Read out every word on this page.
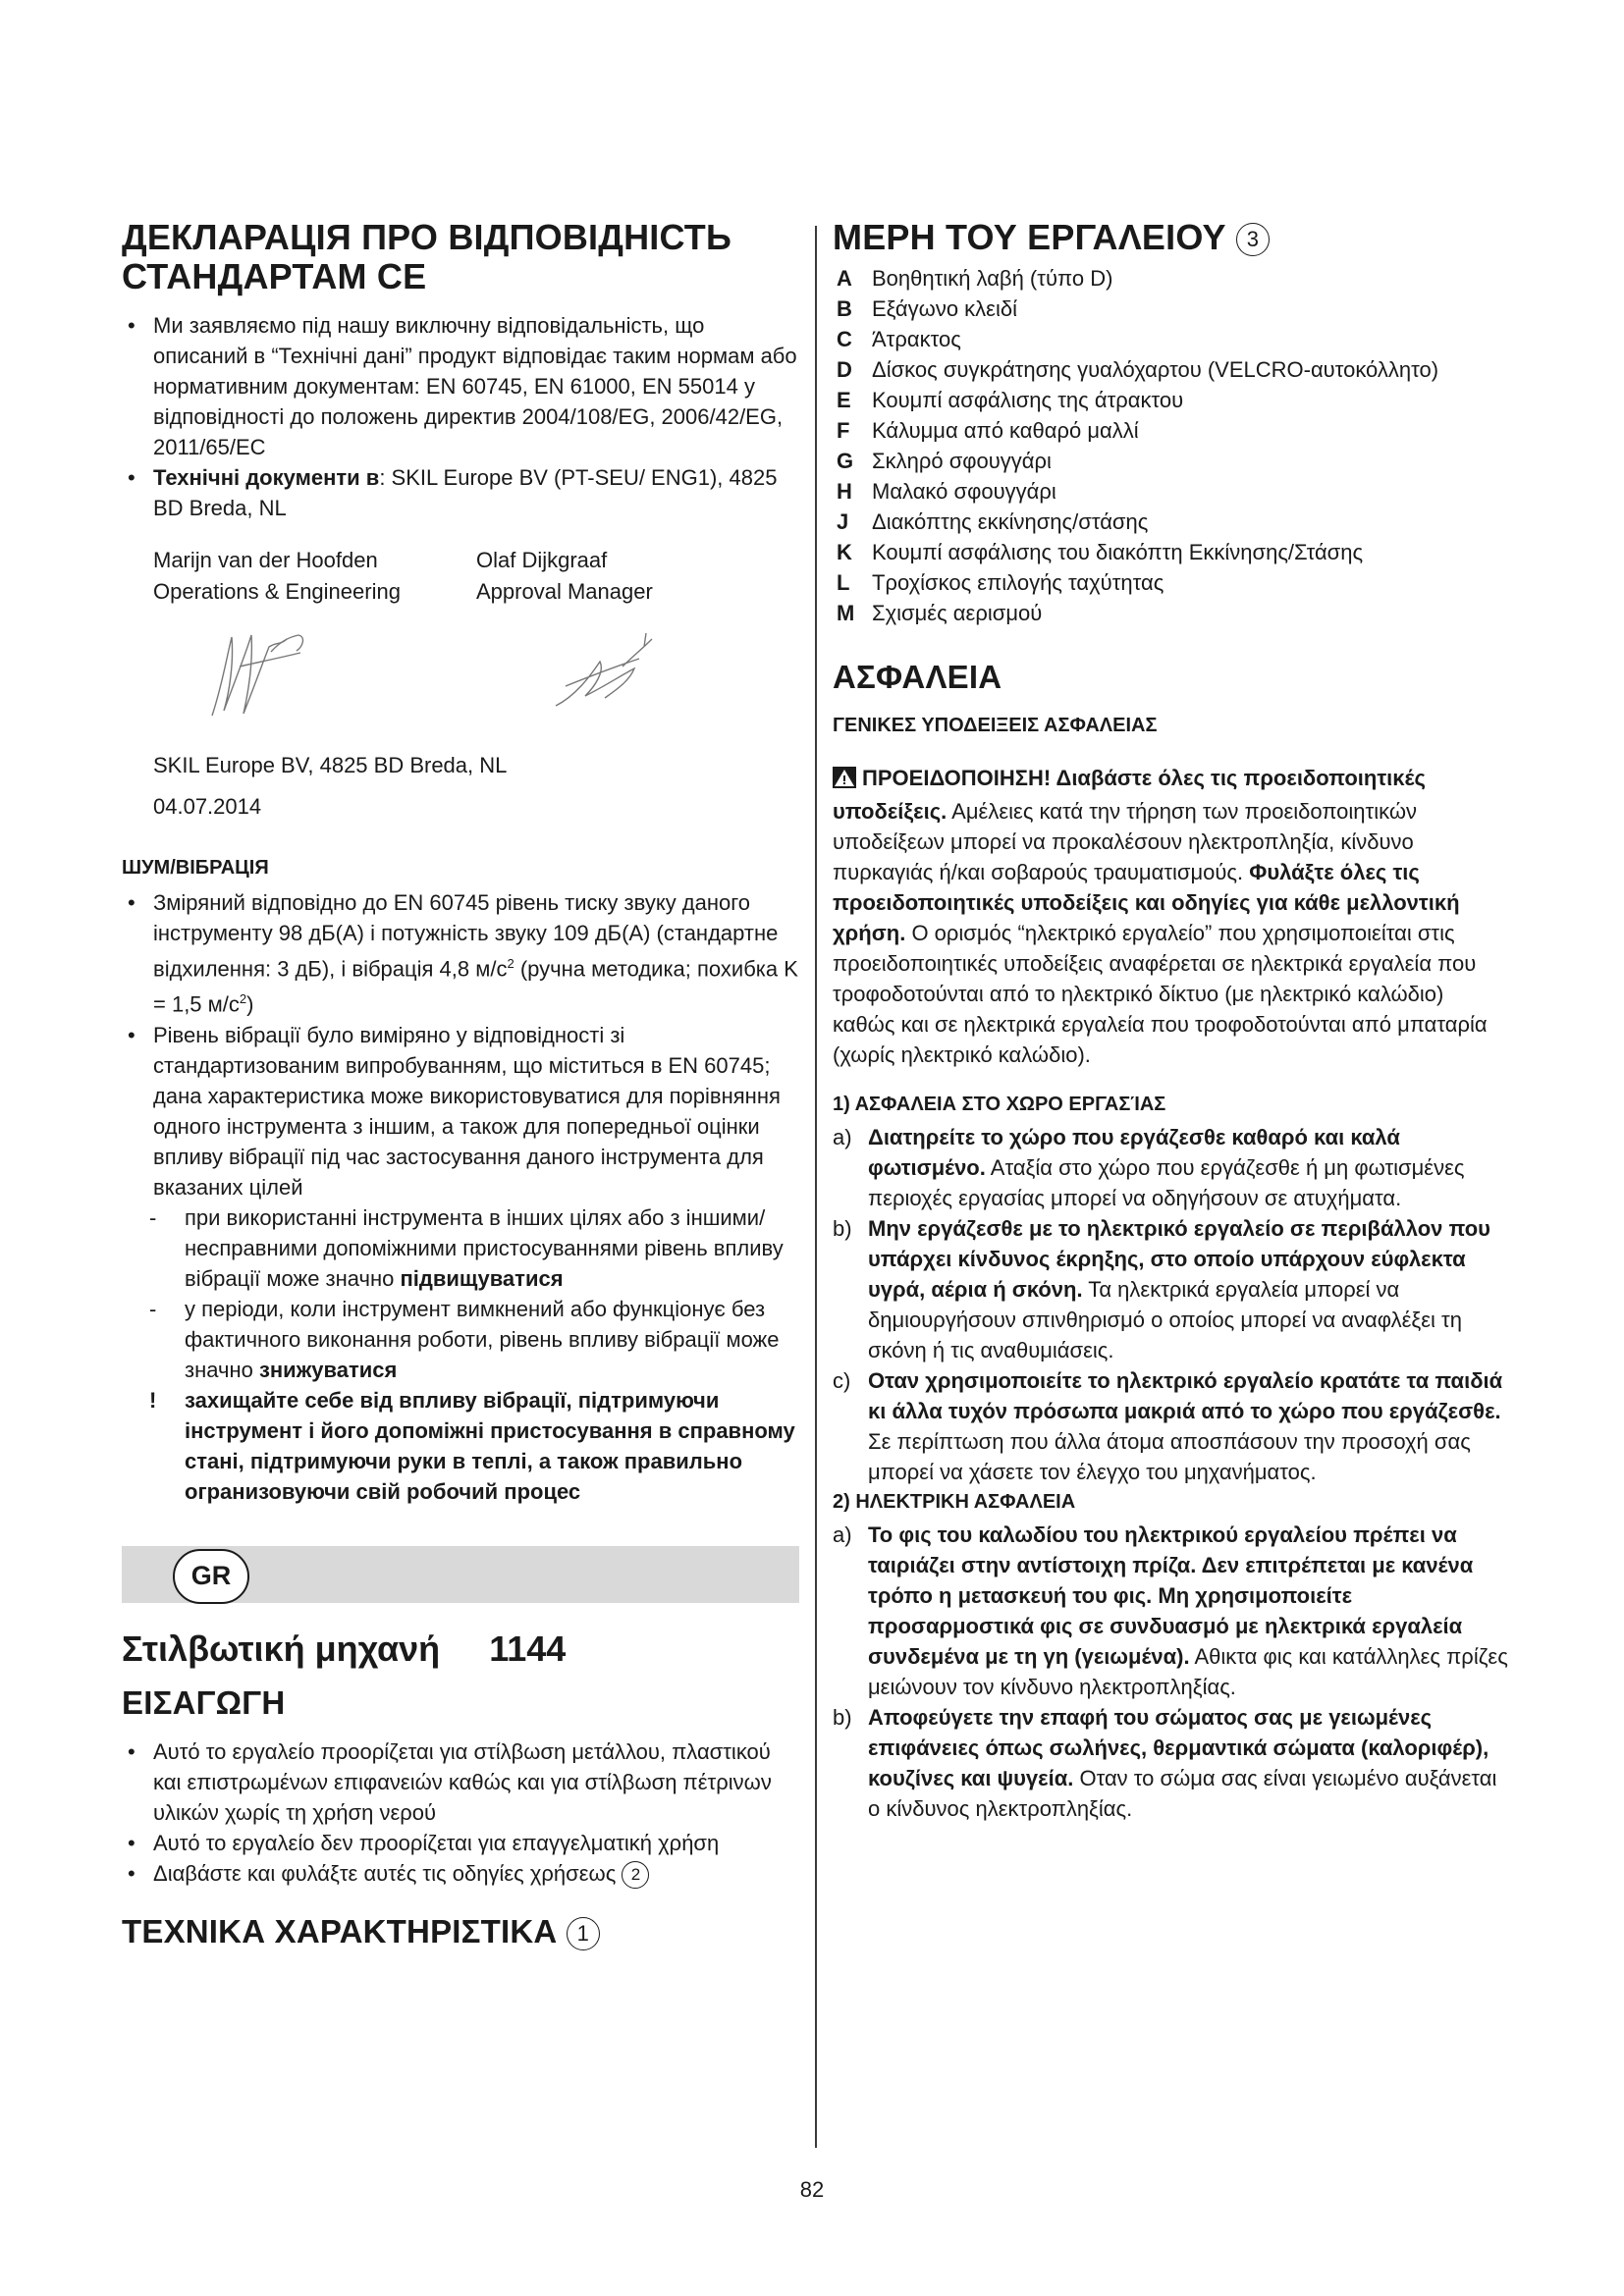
ДЕКЛАРАЦІЯ ПРО ВІДПОВІДНІСТЬ СТАНДАРТАМ CE
• Ми заявляємо під нашу виключну відповідальність, що описаний в “Технічні дані” продукт відповідає таким нормам або нормативним документам: EN 60745, EN 61000, EN 55014 у відповідності до положень директив 2004/108/EG, 2006/42/EG, 2011/65/EC
• Технічні документи в: SKIL Europe BV (PT-SEU/ ENG1), 4825 BD Breda, NL
Marijn van der Hoofden
Operations & Engineering
Olaf Dijkgraaf
Approval Manager
SKIL Europe BV, 4825 BD Breda, NL
04.07.2014
ШУМ/ВІБРАЦІЯ
• Зміряний відповідно до EN 60745 рівень тиску звуку даного інструменту 98 дБ(A) і потужність звуку 109 дБ(A) (стандартне відхилення: 3 дБ), і вібрація 4,8 $м/с^2$ (ручна методика; похибка K = 1,5 $м/с^2$)
• Рівень вібрації було виміряно у відповідності зі стандартизованим випробуванням, що міститься в EN 60745; дана характеристика може використовуватися для порівняння одного інструмента з іншим, а також для попередньої оцінки впливу вібрації під час застосування даного інструмента для вказаних цілей
- при використанні інструмента в інших цілях або з іншими/несправними допоміжними пристосуваннями рівень впливу вібрації може значно підвищуватися
- у періоди, коли інструмент вимкнений або функціонує без фактичного виконання роботи, рівень впливу вібрації може значно знижуватися
! захищайте себе від впливу вібрації, підтримуючи інструмент і його допоміжні пристосування в справному стані, підтримуючи руки в теплі, а також правильно огранизовуючи свій робочий процес
GR
Στιλβωτική μηχανή 1144
ΕΙΣΑΓΩΓΗ
• Αυτό το εργαλείο προορίζεται για στίλβωση μετάλλου, πλαστικού και επιστρωμένων επιφανειών καθώς και για στίλβωση πέτρινων υλικών χωρίς τη χρήση νερού
• Αυτό το εργαλείο δεν προορίζεται για επαγγελματική χρήση
• Διαβάστε και φυλάξτε αυτές τις οδηγίες χρήσεως 2
ΤΕΧΝΙΚΑ ΧΑΡΑΚΤΗΡΙΣΤΙΚΑ 1
ΜΕΡΗ ΤΟΥ ΕΡΓΑΛΕΙΟΥ 3
A Βοηθητική λαβή (τύπο D)
B Εξάγωνο κλειδί
C Άτρακτος
D Δίσκος συγκράτησης γυαλόχαρτου (VELCRO-αυτοκόλλητο)
E Κουμπί ασφάλισης της άτρακτου
F Κάλυμμα από καθαρό μαλλί
G Σκληρό σφουγγάρι
H Μαλακό σφουγγάρι
J Διακόπτης εκκίνησης/στάσης
K Κουμπί ασφάλισης του διακόπτη Εκκίνησης/Στάσης
L Τροχίσκος επιλογής ταχύτητας
M Σχισμές αερισμού
ΑΣΦΑΛΕΙΑ
ΓΕΝΙΚΕΣ ΥΠΟΔΕΙΞΕΙΣ ΑΣΦΑΛΕΙΑΣ

ΠΡΟΕΙΔΟΠΟΙΗΣΗ! Διαβάστε όλες τις προειδοποιητικές υποδείξεις. Αμέλειες κατά την τήρηση των προειδοποιητικών υποδείξεων μπορεί να προκαλέσουν ηλεκτροπληξία, κίνδυνο πυρκαγιάς ή/και σοβαρούς τραυματισμούς. Φυλάξτε όλες τις προειδοποιητικές υποδείξεις και οδηγίες για κάθε μελλοντική χρήση. Ο ορισμός “ηλεκτρικό εργαλείο” που χρησιμοποιείται στις προειδοποιητικές υποδείξεις αναφέρεται σε ηλεκτρικά εργαλεία που τροφοδοτούνται από το ηλεκτρικό δίκτυο (με ηλεκτρικό καλώδιο) καθώς και σε ηλεκτρικά εργαλεία που τροφοδοτούνται από μπαταρία (χωρίς ηλεκτρικό καλώδιο).

1) ΑΣΦΑΛΕΙΑ ΣΤΟ ΧΩΡΟ ΕΡΓΑΣΊΑΣ
a) Διατηρείτε το χώρο που εργάζεσθε καθαρό και καλά φωτισμένο. Αταξία στο χώρο που εργάζεσθε ή μη φωτισμένες περιοχές εργασίας μπορεί να οδηγήσουν σε ατυχήματα.
b) Μην εργάζεσθε με το ηλεκτρικό εργαλείο σε περιβάλλον που υπάρχει κίνδυνος έκρηξης, στο οποίο υπάρχουν εύφλεκτα υγρά, αέρια ή σκόνη. Τα ηλεκτρικά εργαλεία μπορεί να δημιουργήσουν σπινθηρισμό ο οποίος μπορεί να αναφλέξει τη σκόνη ή τις αναθυμιάσεις.
c) Οταν χρησιμοποιείτε το ηλεκτρικό εργαλείο κρατάτε τα παιδιά κι άλλα τυχόν πρόσωπα μακριά από το χώρο που εργάζεσθε. Σε περίπτωση που άλλα άτομα αποσπάσουν την προσοχή σας μπορεί να χάσετε τον έλεγχο του μηχανήματος.
2) ΗΛΕΚΤΡΙΚΗ ΑΣΦΑΛΕΙΑ
a) Το φις του καλωδίου του ηλεκτρικού εργαλείου πρέπει να ταιριάζει στην αντίστοιχη πρίζα. Δεν επιτρέπεται με κανένα τρόπο η μετασκευή του φις. Μη χρησιμοποιείτε προσαρμοστικά φις σε συνδυασμό με ηλεκτρικά εργαλεία συνδεμένα με τη γη (γειωμένα). Αθικτα φις και κατάλληλες πρίζες μειώνουν τον κίνδυνο ηλεκτροπληξίας.
b) Αποφεύγετε την επαφή του σώματος σας με γειωμένες επιφάνειες όπως σωλήνες, θερμαντικά σώματα (καλοριφέρ), κουζίνες και ψυγεία. Οταν το σώμα σας είναι γειωμένο αυξάνεται ο κίνδυνος ηλεκτροπληξίας.
82
